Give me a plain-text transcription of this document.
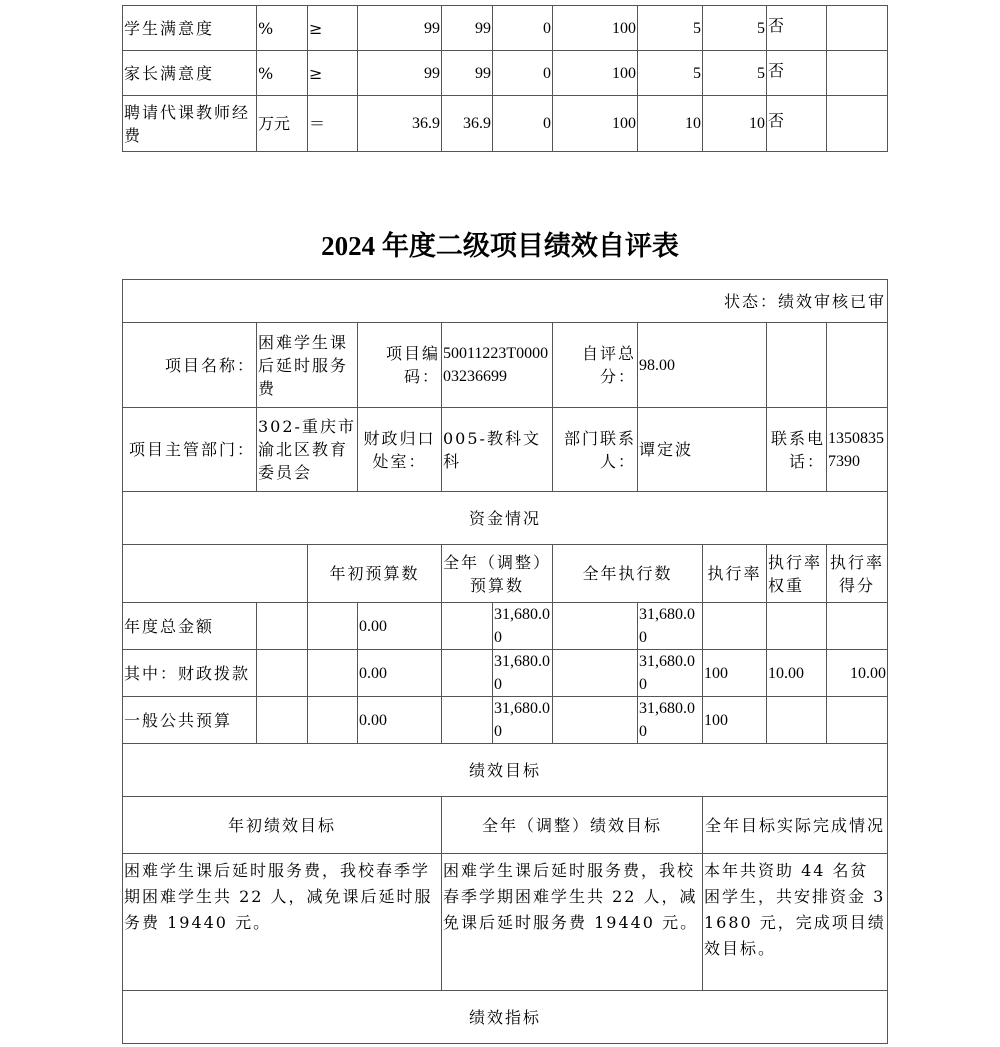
学生满意度	%	≥	99	99	0	100	5	5	否	
家长满意度	%	≥	99	99	0	100	5	5	否	
聘请代课教师经费	万元	＝	36.9	36.9	0	100	10	10	否	
2024 年度二级项目绩效自评表
状态：绩效审核已审										
项目名称：	困难学生课后延时服务费		项目编码：	50011223T000003236699		自评总分：	98.00			
项目主管部门：	302-重庆市渝北区教育委员会		财政归口处室：	005-教科文科		部门联系人：	谭定波		联系电话：	13508357390
资金情况										
		年初预算数		全年（调整）预算数		全年执行数		执行率	执行率权重	执行率得分
年度总金额			0.00		31,680.00		31,680.00			
其中：财政拨款			0.00		31,680.00		31,680.00	100	10.00	10.00
一般公共预算			0.00		31,680.00		31,680.00	100		
绩效目标										
年初绩效目标				全年（调整）绩效目标				全年目标实际完成情况		
困难学生课后延时服务费，我校春季学期困难学生共 22 人，减免课后延时服务费 19440 元。				困难学生课后延时服务费，我校春季学期困难学生共 22 人，减免课后延时服务费 19440 元。				本年共资助 44 名贫困学生，共安排资金 31680 元，完成项目绩效目标。		
绩效指标										
